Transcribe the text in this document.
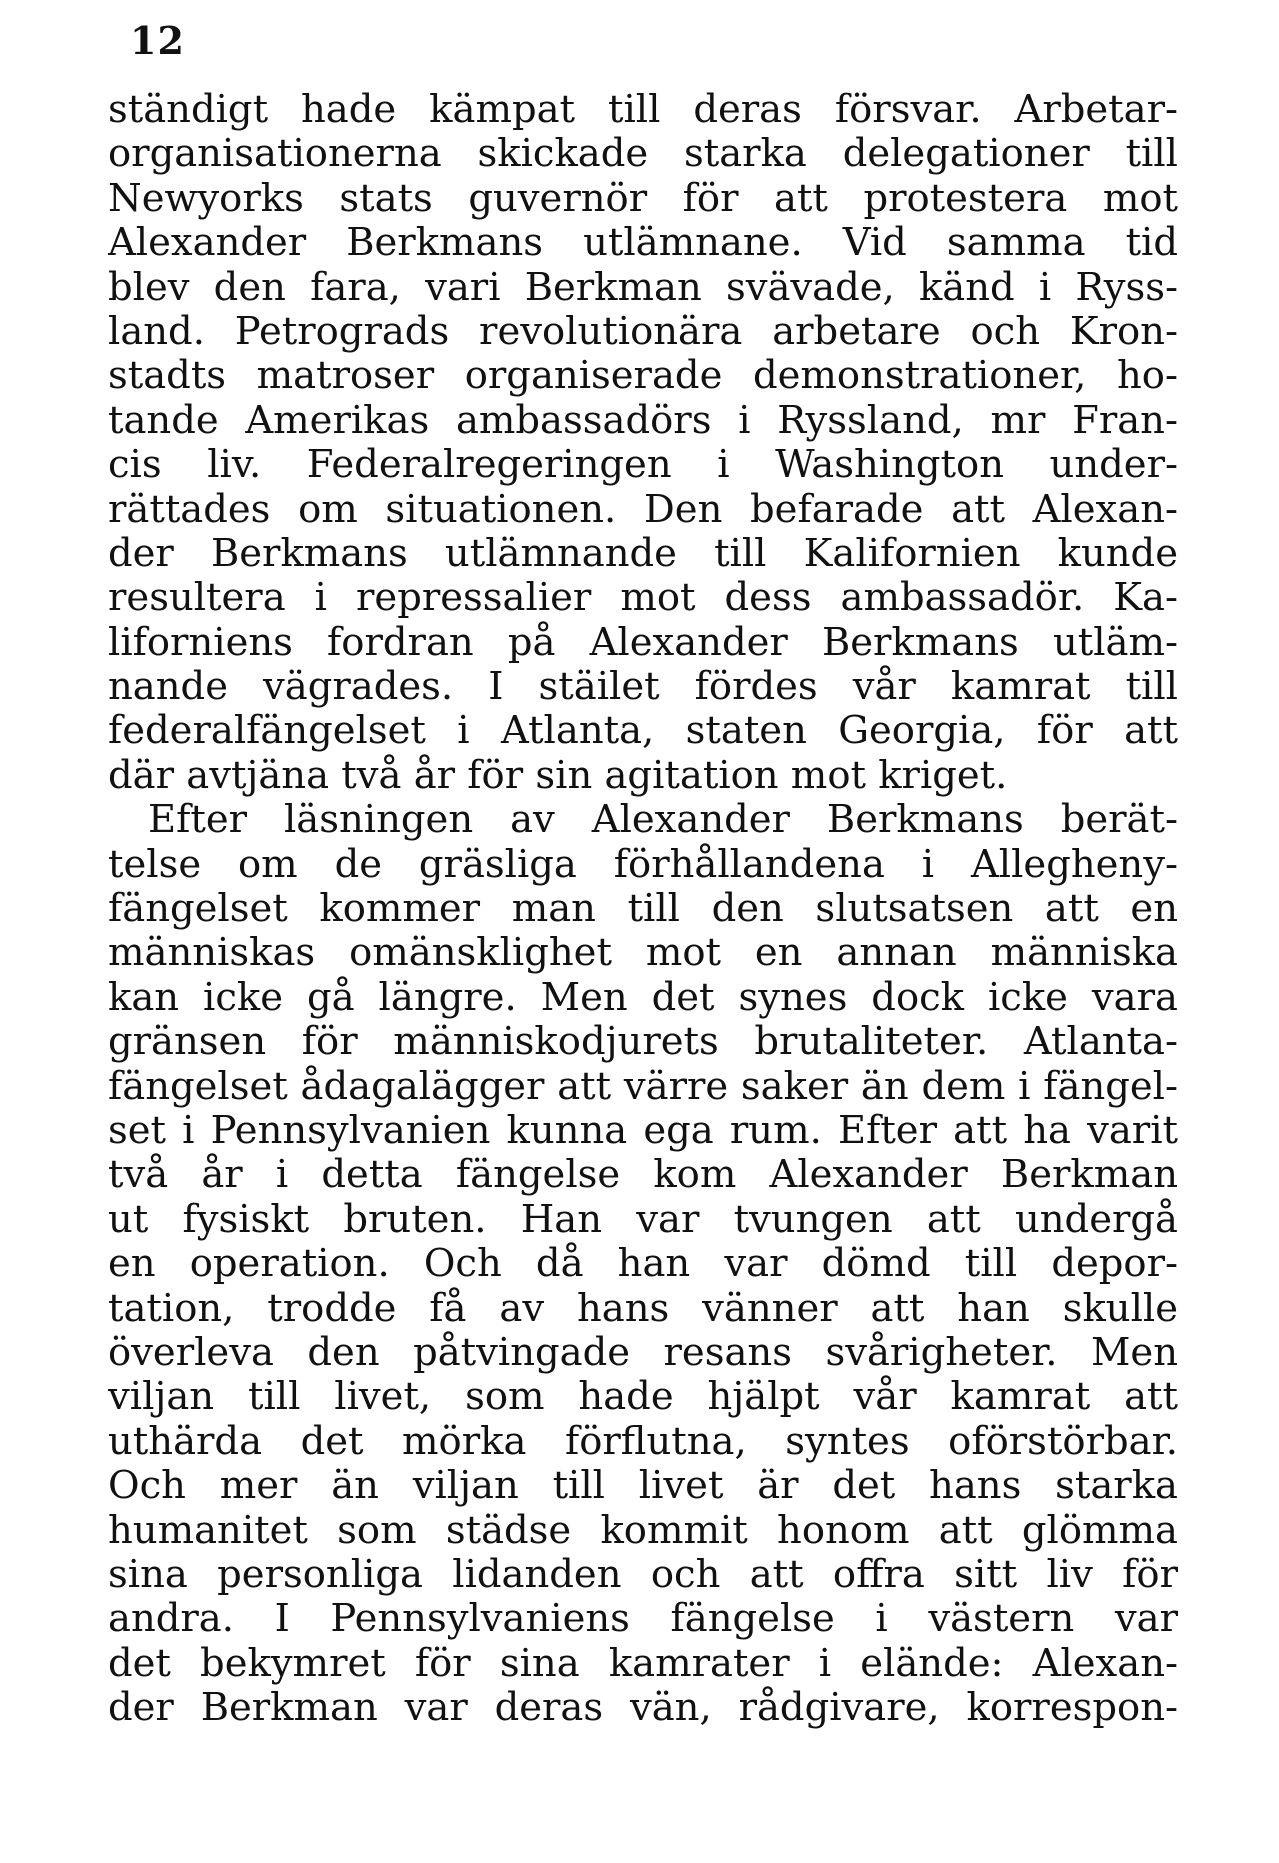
12
ständigt hade kämpat till deras försvar. Arbetar-
organisationerna skickade starka delegationer till
Newyorks stats guvernör för att protestera mot
Alexander Berkmans utlämnane. Vid samma tid
blev den fara, vari Berkman svävade, känd i Ryss-
land. Petrograds revolutionära arbetare och Kron-
stadts matroser organiserade demonstrationer, ho-
tande Amerikas ambassadörs i Ryssland, mr Fran-
cis liv. Federalregeringen i Washington under-
rättades om situationen. Den befarade att Alexan-
der Berkmans utlämnande till Kalifornien kunde
resultera i repressalier mot dess ambassadör. Ka-
liforniens fordran på Alexander Berkmans utläm-
nande vägrades. I stäilet fördes vår kamrat till
federalfängelset i Atlanta, staten Georgia, för att
där avtjäna två år för sin agitation mot kriget.
Efter läsningen av Alexander Berkmans berät-
telse om de gräsliga förhållandena i Allegheny-
fängelset kommer man till den slutsatsen att en
människas omänsklighet mot en annan människa
kan icke gå längre. Men det synes dock icke vara
gränsen för människodjurets brutaliteter. Atlanta-
fängelset ådagalägger att värre saker än dem i fängel-
set i Pennsylvanien kunna ega rum. Efter att ha varit
två år i detta fängelse kom Alexander Berkman
ut fysiskt bruten. Han var tvungen att undergå
en operation. Och då han var dömd till depor-
tation, trodde få av hans vänner att han skulle
överleva den påtvingade resans svårigheter. Men
viljan till livet, som hade hjälpt vår kamrat att
uthärda det mörka förflutna, syntes oförstörbar.
Och mer än viljan till livet är det hans starka
humanitet som städse kommit honom att glömma
sina personliga lidanden och att offra sitt liv för
andra. I Pennsylvaniens fängelse i västern var
det bekymret för sina kamrater i elände: Alexan-
der Berkman var deras vän, rådgivare, korrespon-
